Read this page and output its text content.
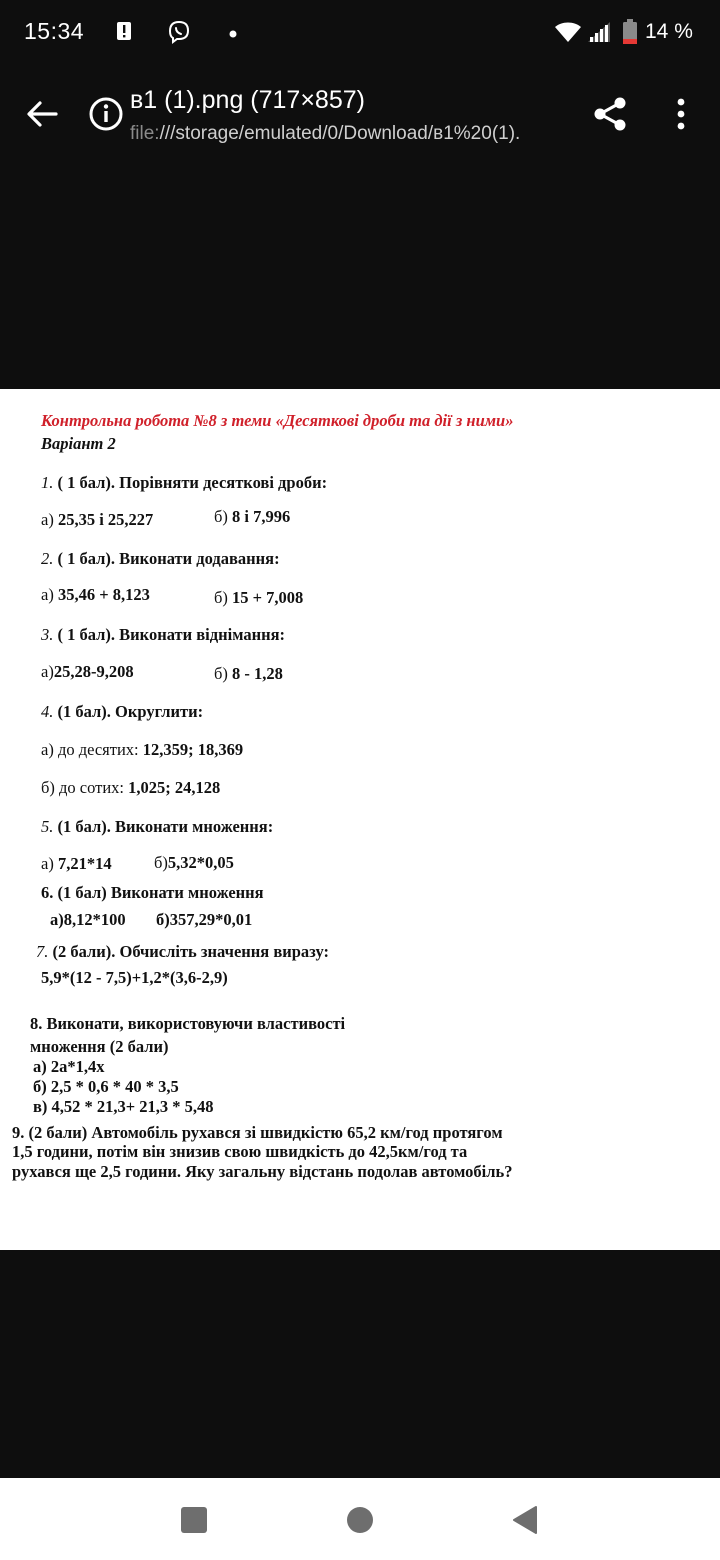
15:34	14 %
в1 (1).png (717×857)
file:///storage/emulated/0/Download/в1%20(1).
Контрольна робота №8 з теми «Десяткові дроби та дії з ними»
Варіант 2
1. ( 1 бал). Порівняти десяткові дроби:
а) 25,35 і 25,227	б) 8 і 7,996
2. ( 1 бал). Виконати додавання:
а) 35,46 + 8,123	б) 15 + 7,008
3. ( 1 бал). Виконати віднімання:
а)25,28-9,208	б) 8 - 1,28
4. (1 бал). Округлити:
а) до десятих: 12,359; 18,369
б) до сотих: 1,025; 24,128
5. (1 бал). Виконати множення:
а) 7,21*14	б)5,32*0,05
6. (1 бал) Виконати множення
а)8,12*100 б)357,29*0,01
7. (2 бали). Обчисліть значення виразу:
5,9*(12 - 7,5)+1,2*(3,6-2,9)
8. Виконати, використовуючи властивості
множення (2 бали)
а) 2а*1,4х
б) 2,5 * 0,6 * 40 * 3,5
в) 4,52 * 21,3+ 21,3 * 5,48
9. (2 бали) Автомобіль рухався зі швидкістю 65,2 км/год протягом
1,5 години, потім він знизив свою швидкість до 42,5км/год та
рухався ще 2,5 години. Яку загальну відстань подолав автомобіль?
